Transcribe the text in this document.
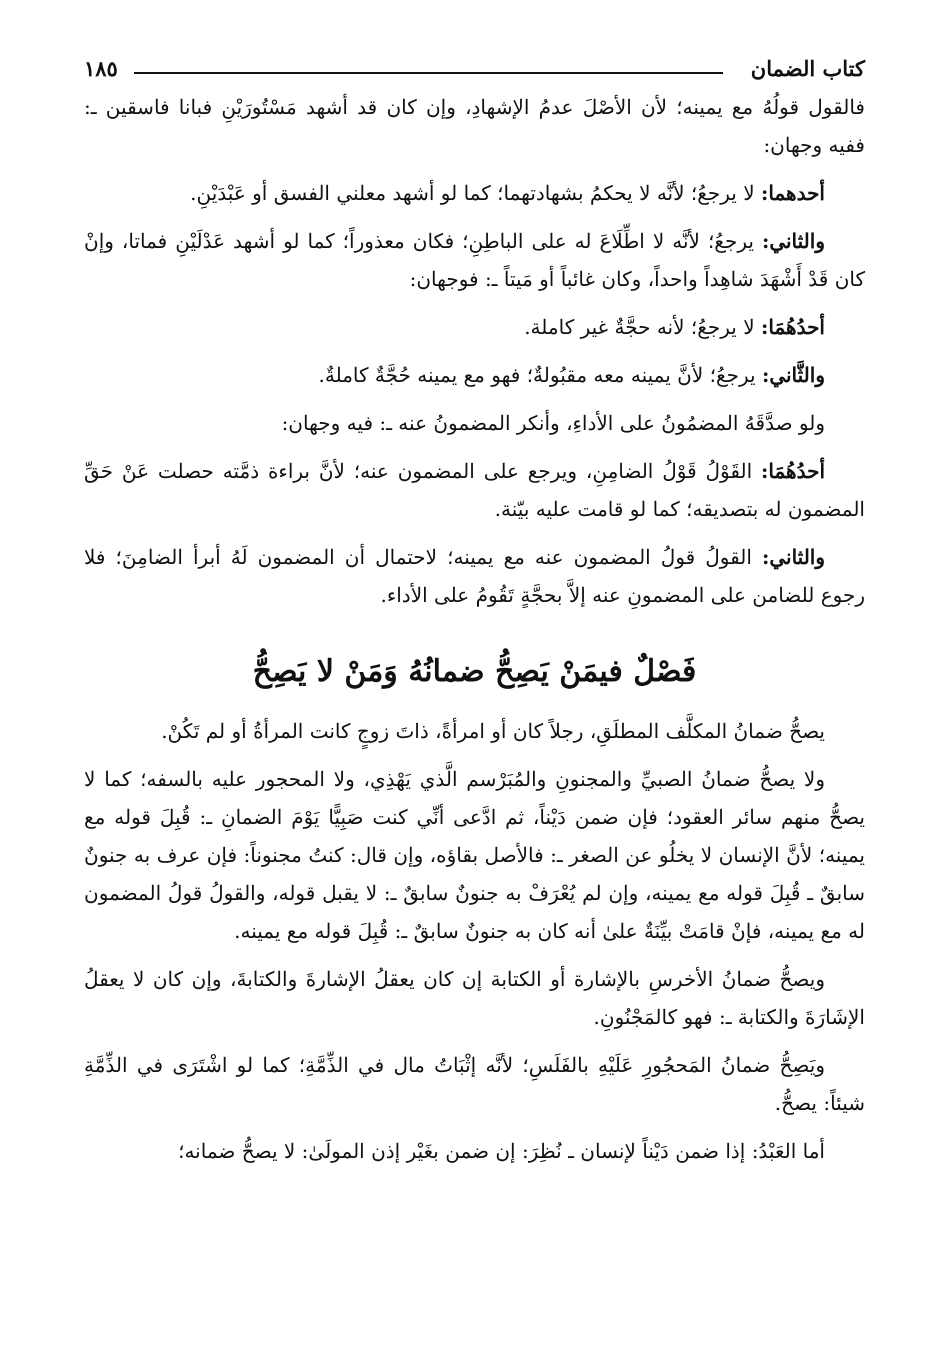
كتاب الضمان
١٨٥

فالقول قولُهُ مع يمينه؛ لأن الأصْلَ عدمُ الإشهادِ، وإن كان قد أشهد مَسْتُورَيْنِ فبانا فاسقين ـ: ففيه وجهان:

أحدهما: لا يرجعُ؛ لأنَّه لا يحكمُ بشهادتهما؛ كما لو أشهد معلني الفسق أو عَبْدَيْنِ.

والثاني: يرجعُ؛ لأنَّه لا اطِّلَاعَ له على الباطِنِ؛ فكان معذوراً؛ كما لو أشهد عَدْلَيْنِ فماتا، وإنْ كان قَدْ أَشْهَدَ شاهِداً واحداً، وكان غائباً أو مَيتاً ـ: فوجهان:

أحدُهُمَا: لا يرجعُ؛ لأنه حجَّةٌ غير كاملة.

والثَّاني: يرجعُ؛ لأنَّ يمينه معه مقبُولةٌ؛ فهو مع يمينه حُجَّةٌ كاملةٌ.

ولو صدَّقَهُ المضمُونُ على الأداءِ، وأنكر المضمونُ عنه ـ: فيه وجهان:

أحدُهُمَا: القَوْلُ قَوْلُ الضامِنِ، ويرجع على المضمون عنه؛ لأنَّ براءة ذمَّته حصلت عَنْ حَقِّ المضمون له بتصديقه؛ كما لو قامت عليه بيّنة.

والثاني: القولُ قولُ المضمون عنه مع يمينه؛ لاحتمال أن المضمون لَهُ أبرأ الضامِنَ؛ فلا رجوع للضامن على المضمونِ عنه إلاَّ بحجَّةٍ تَقُومُ على الأداء.

فَصْلٌ فيمَنْ يَصِحُّ ضمانُهُ وَمَنْ لا يَصِحُّ

يصحُّ ضمانُ المكلَّف المطلَقِ، رجلاً كان أو امرأةً، ذاتَ زوجٍ كانت المرأةُ أو لم تَكُنْ.

ولا يصحُّ ضمانُ الصبيِّ والمجنونِ والمُبَرْسم الَّذي يَهْذِي، ولا المحجور عليه بالسفه؛ كما لا يصحُّ منهم سائر العقود؛ فإن ضمن دَيْناً، ثم ادَّعى أنِّي كنت صَبِيًّا يَوْمَ الضمانِ ـ: قُبِلَ قوله مع يمينه؛ لأنَّ الإنسان لا يخلُو عن الصغر ـ: فالأصل بقاؤه، وإن قال: كنتُ مجنوناً: فإن عرف به جنونٌ سابقٌ ـ قُبِلَ قوله مع يمينه، وإن لم يُعْرَفْ به جنونٌ سابقٌ ـ: لا يقبل قوله، والقولُ قولُ المضمون له مع يمينه، فإنْ قامَتْ بيِّنَةٌ علىٰ أنه كان به جنونٌ سابقٌ ـ: قُبِلَ قوله مع يمينه.

ويصحُّ ضمانُ الأخرسِ بالإشارة أو الكتابة إن كان يعقلُ الإشارةَ والكتابةَ، وإن كان لا يعقلُ الإشَارَةَ والكتابة ـ: فهو كالمَجْنُونِ.

ويَصِحُّ ضمانُ المَحجُورِ عَلَيْهِ بالفَلَسِ؛ لأنَّه إثْبَاتُ مال في الذِّمَّةِ؛ كما لو اشْتَرَى في الذِّمَّةِ شيئاً: يصحُّ.

أما العَبْدُ: إذا ضمن دَيْناً لإنسان ـ نُظِرَ: إن ضمن بغَيْر إذن المولَىٰ: لا يصحُّ ضمانه؛
